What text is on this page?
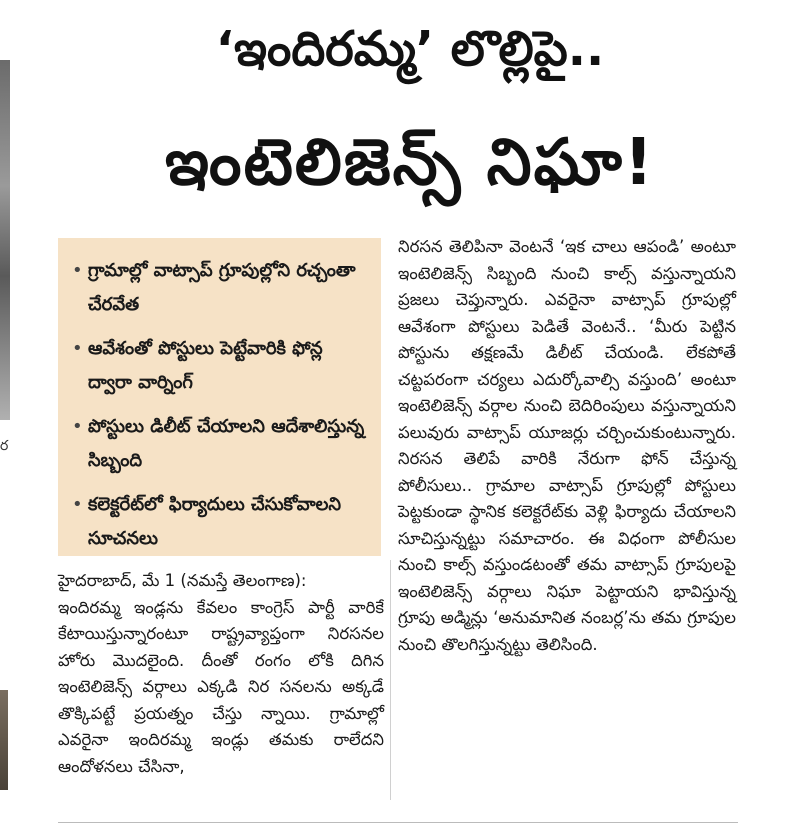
ర
‘ఇందిరమ్మ’ లొల్లిపై..
ఇంటెలిజెన్స్‌ నిఘా!
• గ్రామాల్లో వాట్సాప్‌ గ్రూపుల్లోని రచ్చంతా చేరవేత
• ఆవేశంతో పోస్టులు పెట్టేవారికి ఫోన్ల ద్వారా వార్నింగ్‌
• పోస్టులు డిలీట్‌ చేయాలని ఆదేశాలిస్తున్న సిబ్బంది
• కలెక్టరేట్‌లో ఫిర్యాదులు చేసుకోవాలని సూచనలు

హైదరాబాద్‌, మే 1 (నమస్తే తెలంగాణ):

ఇందిరమ్మ ఇండ్లను కేవలం కాంగ్రెస్‌ పార్టీ వారికే కేటాయిస్తున్నారంటూ రాష్ట్రవ్యాప్తంగా నిరసనల హోరు మొదలైంది. దీంతో రంగం లోకి దిగిన ఇంటెలిజెన్స్‌ వర్గాలు ఎక్కడి నిర సనలను అక్కడే తొక్కిపట్టే ప్రయత్నం చేస్తు న్నాయి. గ్రామాల్లో ఎవరైనా ఇందిరమ్మ ఇండ్లు తమకు రాలేదని ఆందోళనలు చేసినా,

నిరసన తెలిపినా వెంటనే ‘ఇక చాలు ఆపండి’ అంటూ ఇంటెలిజెన్స్‌ సిబ్బంది నుంచి కాల్స్‌ వస్తున్నాయని ప్రజలు చెప్తున్నారు. ఎవరైనా వాట్సాప్‌ గ్రూపుల్లో ఆవేశంగా పోస్టులు పెడితే వెంటనే.. ‘మీరు పెట్టిన పోస్టును తక్షణమే డిలీట్‌ చేయండి. లేకపోతే చట్టపరంగా చర్యలు ఎదుర్కోవాల్సి వస్తుంది’ అంటూ ఇంటెలిజెన్స్‌ వర్గాల నుంచి బెదిరింపులు వస్తున్నాయని పలువురు వాట్సాప్‌ యూజర్లు చర్చించుకుంటున్నారు. నిరసన తెలిపే వారికి నేరుగా ఫోన్‌ చేస్తున్న పోలీసులు.. గ్రామాల వాట్సాప్‌ గ్రూపుల్లో పోస్టులు పెట్టకుండా స్థానిక కలెక్టరేట్‌కు వెళ్లి ఫిర్యాదు చేయాలని సూచిస్తున్నట్టు సమాచారం. ఈ విధంగా పోలీసుల నుంచి కాల్స్‌ వస్తుండటంతో తమ వాట్సాప్‌ గ్రూపులపై ఇంటెలిజెన్స్‌ వర్గాలు నిఘా పెట్టాయని భావిస్తున్న గ్రూపు అడ్మిన్లు ‘అనుమానిత నంబర్ల’ను తమ గ్రూపుల నుంచి తొలగిస్తున్నట్టు తెలిసింది.
